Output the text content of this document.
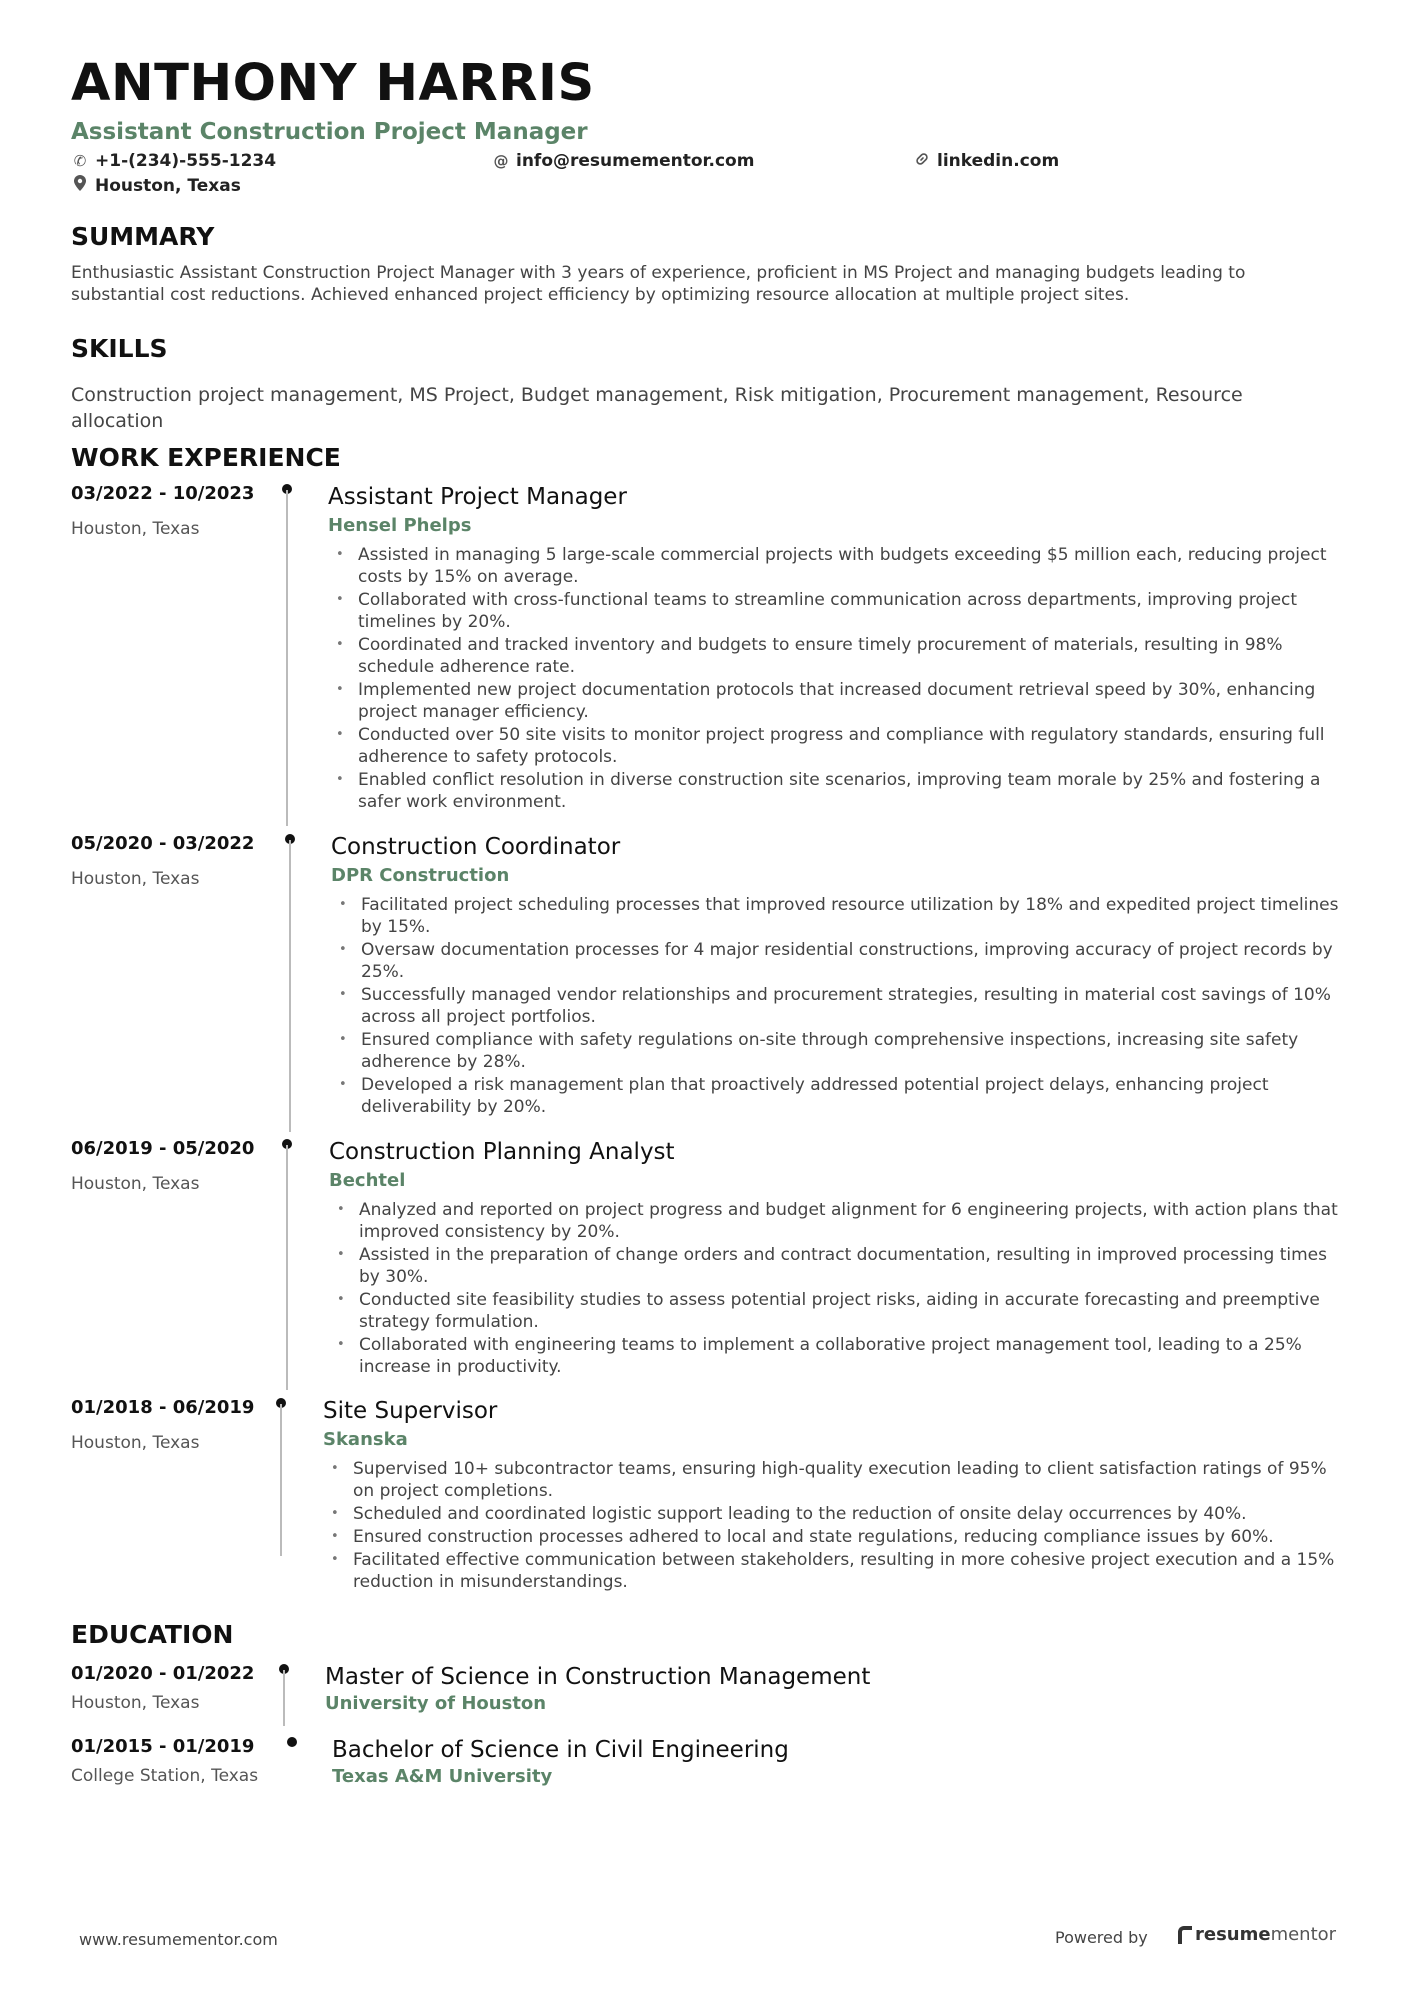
ANTHONY HARRIS
Assistant Construction Project Manager
✆ +1-(234)-555-1234	@ info@resumementor.com	linkedin.com
Houston, Texas
SUMMARY
Enthusiastic Assistant Construction Project Manager with 3 years of experience, proficient in MS Project and managing budgets leading to substantial cost reductions. Achieved enhanced project efficiency by optimizing resource allocation at multiple project sites.
SKILLS
Construction project management, MS Project, Budget management, Risk mitigation, Procurement management, Resource allocation
WORK EXPERIENCE
03/2022 - 10/2023
Houston, Texas
Assistant Project Manager
Hensel Phelps
• Assisted in managing 5 large-scale commercial projects with budgets exceeding $5 million each, reducing project costs by 15% on average.
• Collaborated with cross-functional teams to streamline communication across departments, improving project timelines by 20%.
• Coordinated and tracked inventory and budgets to ensure timely procurement of materials, resulting in 98% schedule adherence rate.
• Implemented new project documentation protocols that increased document retrieval speed by 30%, enhancing project manager efficiency.
• Conducted over 50 site visits to monitor project progress and compliance with regulatory standards, ensuring full adherence to safety protocols.
• Enabled conflict resolution in diverse construction site scenarios, improving team morale by 25% and fostering a safer work environment.
05/2020 - 03/2022
Houston, Texas
Construction Coordinator
DPR Construction
• Facilitated project scheduling processes that improved resource utilization by 18% and expedited project timelines by 15%.
• Oversaw documentation processes for 4 major residential constructions, improving accuracy of project records by 25%.
• Successfully managed vendor relationships and procurement strategies, resulting in material cost savings of 10% across all project portfolios.
• Ensured compliance with safety regulations on-site through comprehensive inspections, increasing site safety adherence by 28%.
• Developed a risk management plan that proactively addressed potential project delays, enhancing project deliverability by 20%.
06/2019 - 05/2020
Houston, Texas
Construction Planning Analyst
Bechtel
• Analyzed and reported on project progress and budget alignment for 6 engineering projects, with action plans that improved consistency by 20%.
• Assisted in the preparation of change orders and contract documentation, resulting in improved processing times by 30%.
• Conducted site feasibility studies to assess potential project risks, aiding in accurate forecasting and preemptive strategy formulation.
• Collaborated with engineering teams to implement a collaborative project management tool, leading to a 25% increase in productivity.
01/2018 - 06/2019
Houston, Texas
Site Supervisor
Skanska
• Supervised 10+ subcontractor teams, ensuring high-quality execution leading to client satisfaction ratings of 95% on project completions.
• Scheduled and coordinated logistic support leading to the reduction of onsite delay occurrences by 40%.
• Ensured construction processes adhered to local and state regulations, reducing compliance issues by 60%.
• Facilitated effective communication between stakeholders, resulting in more cohesive project execution and a 15% reduction in misunderstandings.
EDUCATION
01/2020 - 01/2022
Houston, Texas
Master of Science in Construction Management
University of Houston
01/2015 - 01/2019
College Station, Texas
Bachelor of Science in Civil Engineering
Texas A&M University
www.resumementor.com	Powered by	resume mentor
